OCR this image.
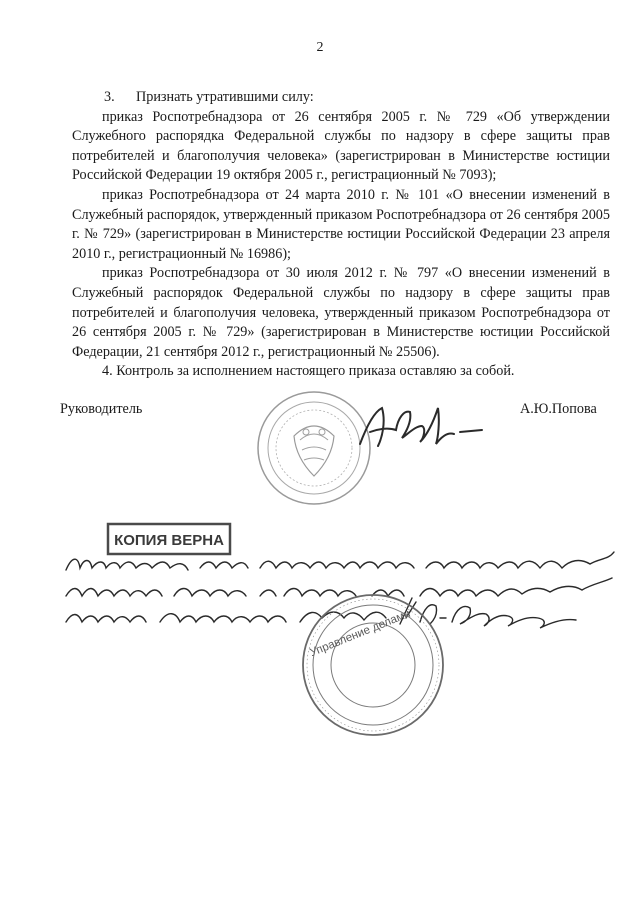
2

3. Признать утратившими силу:

приказ Роспотребнадзора от 26 сентября 2005 г. № 729 «Об утверждении Служебного распорядка Федеральной службы по надзору в сфере защиты прав потребителей и благополучия человека» (зарегистрирован в Министерстве юстиции Российской Федерации 19 октября 2005 г., регистрационный № 7093);

приказ Роспотребнадзора от 24 марта 2010 г. № 101 «О внесении изменений в Служебный распорядок, утвержденный приказом Роспотребнадзора от 26 сентября 2005 г. № 729» (зарегистрирован в Министерстве юстиции Российской Федерации 23 апреля 2010 г., регистрационный № 16986);

приказ Роспотребнадзора от 30 июля 2012 г. № 797 «О внесении изменений в Служебный распорядок Федеральной службы по надзору в сфере защиты прав потребителей и благополучия человека, утвержденный приказом Роспотребнадзора от 26 сентября 2005 г. № 729» (зарегистрирован в Министерстве юстиции Российской Федерации, 21 сентября 2012 г., регистрационный № 25506).

4. Контроль за исполнением настоящего приказа оставляю за собой.

Руководитель	А.Ю.Попова
КОПИЯ ВЕРНА
Управление делами
